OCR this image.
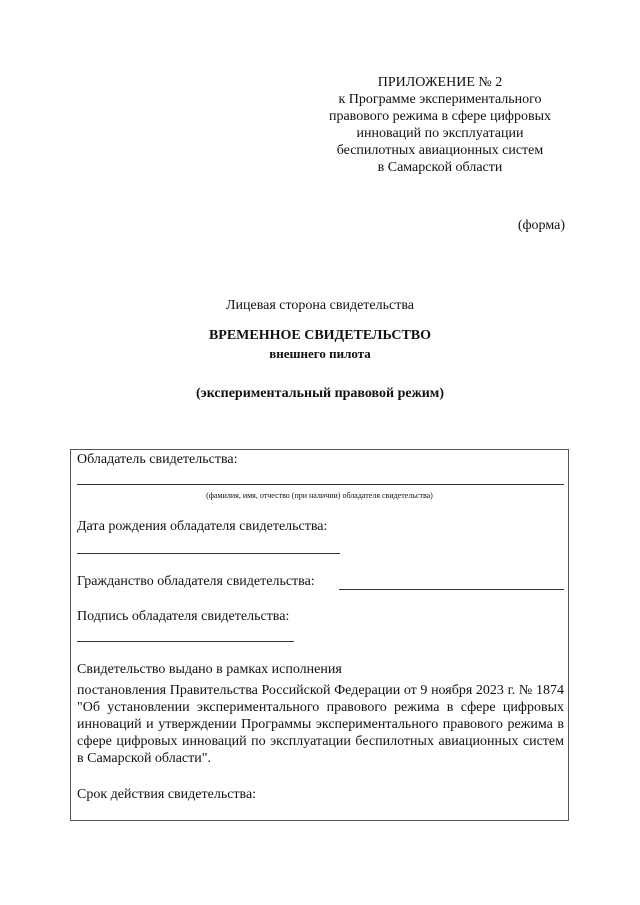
ПРИЛОЖЕНИЕ № 2
к Программе экспериментального
правового режима в сфере цифровых
инноваций по эксплуатации
беспилотных авиационных систем
в Самарской области
(форма)
Лицевая сторона свидетельства
ВРЕМЕННОЕ СВИДЕТЕЛЬСТВО
внешнего пилота
(экспериментальный правовой режим)
Обладатель свидетельства:
(фамилия, имя, отчество (при наличии) обладателя свидетельства)
Дата рождения обладателя свидетельства:
Гражданство обладателя свидетельства:
Подпись обладателя свидетельства:
Свидетельство выдано в рамках исполнения
постановления Правительства Российской Федерации от 9 ноября 2023 г. № 1874 "Об установлении экспериментального правового режима в сфере цифровых инноваций и утверждении Программы экспериментального правового режима в сфере цифровых инноваций по эксплуатации беспилотных авиационных систем в Самарской области".
Срок действия свидетельства:
